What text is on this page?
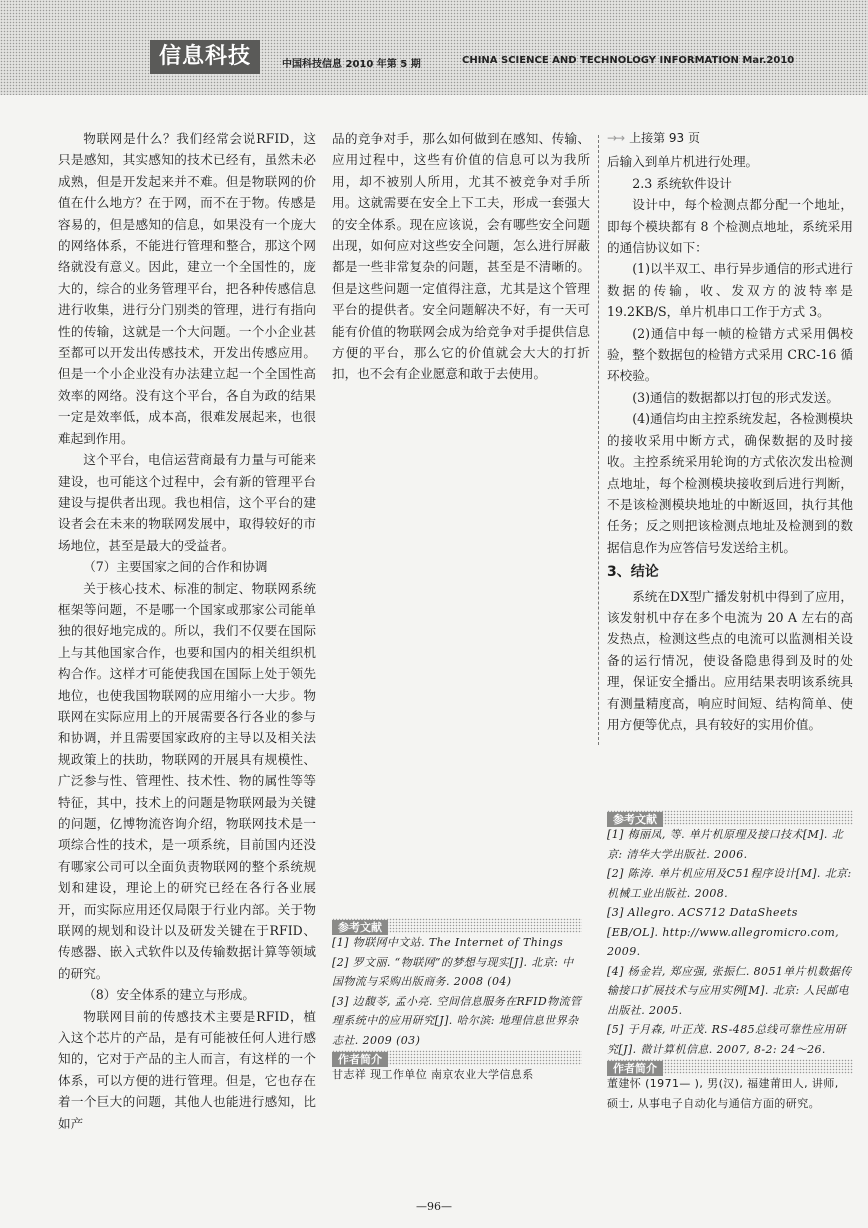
信息科技	中国科技信息 2010 年第 5 期	CHINA SCIENCE AND TECHNOLOGY INFORMATION Mar.2010

物联网是什么？我们经常会说RFID，这只是感知，其实感知的技术已经有，虽然未必成熟，但是开发起来并不难。但是物联网的价值在什么地方？在于网，而不在于物。传感是容易的，但是感知的信息，如果没有一个庞大的网络体系，不能进行管理和整合，那这个网络就没有意义。因此，建立一个全国性的，庞大的，综合的业务管理平台，把各种传感信息进行收集，进行分门别类的管理，进行有指向性的传输，这就是一个大问题。一个小企业甚至都可以开发出传感技术，开发出传感应用。但是一个小企业没有办法建立起一个全国性高效率的网络。没有这个平台，各自为政的结果一定是效率低，成本高，很难发展起来，也很难起到作用。

这个平台，电信运营商最有力量与可能来建设，也可能这个过程中，会有新的管理平台建设与提供者出现。我也相信，这个平台的建设者会在未来的物联网发展中，取得较好的市场地位，甚至是最大的受益者。

（7）主要国家之间的合作和协调

关于核心技术、标准的制定、物联网系统框架等问题，不是哪一个国家或那家公司能单独的很好地完成的。所以，我们不仅要在国际上与其他国家合作，也要和国内的相关组织机构合作。这样才可能使我国在国际上处于领先地位，也使我国物联网的应用缩小一大步。物联网在实际应用上的开展需要各行各业的参与和协调，并且需要国家政府的主导以及相关法规政策上的扶助，物联网的开展具有规模性、广泛参与性、管理性、技术性、物的属性等等特征，其中，技术上的问题是物联网最为关键的问题，亿博物流咨询介绍，物联网技术是一项综合性的技术，是一项系统，目前国内还没有哪家公司可以全面负责物联网的整个系统规划和建设，理论上的研究已经在各行各业展开，而实际应用还仅局限于行业内部。关于物联网的规划和设计以及研发关键在于RFID、传感器、嵌入式软件以及传输数据计算等领域的研究。

（8）安全体系的建立与形成。

物联网目前的传感技术主要是RFID，植入这个芯片的产品，是有可能被任何人进行感知的，它对于产品的主人而言，有这样的一个体系，可以方便的进行管理。但是，它也存在着一个巨大的问题，其他人也能进行感知，比如产

品的竞争对手，那么如何做到在感知、传输、应用过程中，这些有价值的信息可以为我所用，却不被别人所用，尤其不被竞争对手所用。这就需要在安全上下工夫，形成一套强大的安全体系。现在应该说，会有哪些安全问题出现，如何应对这些安全问题，怎么进行屏蔽都是一些非常复杂的问题，甚至是不清晰的。但是这些问题一定值得注意，尤其是这个管理平台的提供者。安全问题解决不好，有一天可能有价值的物联网会成为给竞争对手提供信息方便的平台，那么它的价值就会大大的打折扣，也不会有企业愿意和敢于去使用。

→→ 上接第 93 页

后输入到单片机进行处理。

2.3 系统软件设计

设计中，每个检测点都分配一个地址，即每个模块都有 8 个检测点地址，系统采用的通信协议如下：

(1)以半双工、串行异步通信的形式进行数据的传输，收、发双方的波特率是19.2KB/S，单片机串口工作于方式 3。

(2)通信中每一帧的检错方式采用偶校验，整个数据包的检错方式采用 CRC-16 循环校验。

(3)通信的数据都以打包的形式发送。

(4)通信均由主控系统发起，各检测模块的接收采用中断方式，确保数据的及时接收。主控系统采用轮询的方式依次发出检测点地址，每个检测模块接收到后进行判断，不是该检测模块地址的中断返回，执行其他任务；反之则把该检测点地址及检测到的数据信息作为应答信号发送给主机。

3、结论

系统在DX型广播发射机中得到了应用，该发射机中存在多个电流为 20 A 左右的高发热点，检测这些点的电流可以监测相关设备的运行情况，使设备隐患得到及时的处理，保证安全播出。应用结果表明该系统具有测量精度高，响应时间短、结构简单、使用方便等优点，具有较好的实用价值。

参考文献

[1] 物联网中文站. The Internet of Things

[2] 罗文丽. “物联网”的梦想与现实[J]. 北京: 中国物流与采购出版商务. 2008 (04)

[3] 边馥苓, 孟小亮. 空间信息服务在RFID物流管理系统中的应用研究[J]. 哈尔滨: 地理信息世界杂志社. 2009 (03)

作者简介

甘志祥 现工作单位 南京农业大学信息系

参考文献

[1] 梅丽凤, 等. 单片机原理及接口技术[M]. 北京: 清华大学出版社. 2006.

[2] 陈涛. 单片机应用及C51程序设计[M]. 北京: 机械工业出版社. 2008.

[3] Allegro. ACS712 DataSheets [EB/OL]. http://www.allegromicro.com, 2009.

[4] 杨金岩, 郑应强, 张振仁. 8051单片机数据传输接口扩展技术与应用实例[M]. 北京: 人民邮电出版社. 2005.

[5] 于月森, 叶正茂. RS-485总线可靠性应用研究[J]. 微计算机信息. 2007, 8-2: 24～26.

作者简介

董建怀 (1971— ), 男(汉), 福建莆田人, 讲师, 硕士, 从事电子自动化与通信方面的研究。

—96—
